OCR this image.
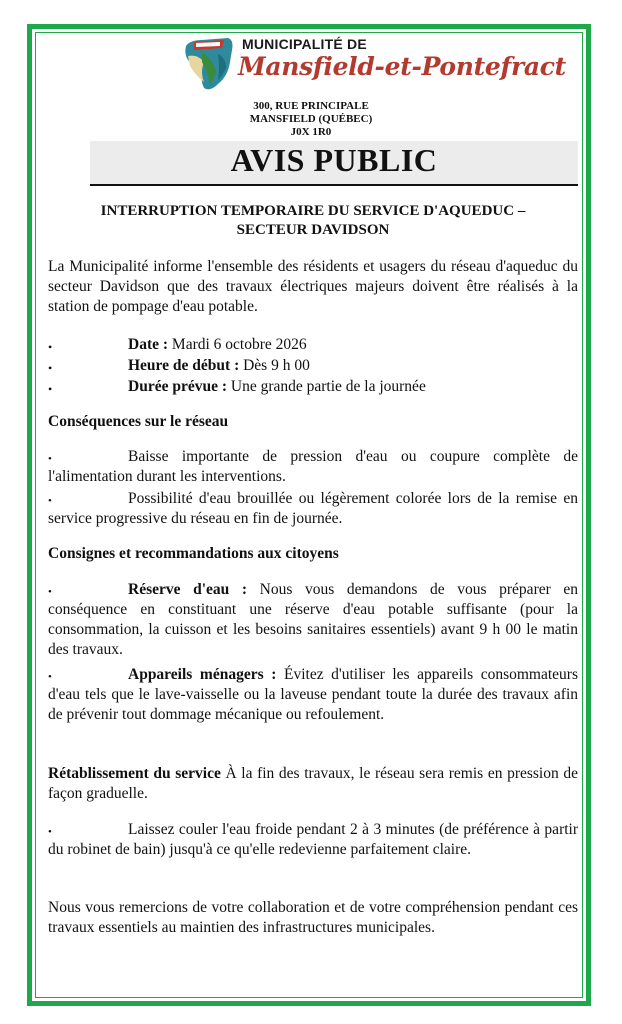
MUNICIPALITÉ DE
Mansfield-et-Pontefract
300, RUE PRINCIPALE
MANSFIELD (QUÉBEC)
J0X 1R0
AVIS PUBLIC
INTERRUPTION TEMPORAIRE DU SERVICE D'AQUEDUC –
SECTEUR DAVIDSON
La Municipalité informe l'ensemble des résidents et usagers du réseau d'aqueduc du secteur Davidson que des travaux électriques majeurs doivent être réalisés à la station de pompage d'eau potable.
•	Date : Mardi 6 octobre 2026
•	Heure de début : Dès 9 h 00
•	Durée prévue : Une grande partie de la journée
Conséquences sur le réseau
•	Baisse importante de pression d'eau ou coupure complète de l'alimentation durant les interventions.
•	Possibilité d'eau brouillée ou légèrement colorée lors de la remise en service progressive du réseau en fin de journée.
Consignes et recommandations aux citoyens
•	Réserve d'eau : Nous vous demandons de vous préparer en conséquence en constituant une réserve d'eau potable suffisante (pour la consommation, la cuisson et les besoins sanitaires essentiels) avant 9 h 00 le matin des travaux.
•	Appareils ménagers : Évitez d'utiliser les appareils consommateurs d'eau tels que le lave-vaisselle ou la laveuse pendant toute la durée des travaux afin de prévenir tout dommage mécanique ou refoulement.
Rétablissement du service À la fin des travaux, le réseau sera remis en pression de façon graduelle.
•	Laissez couler l'eau froide pendant 2 à 3 minutes (de préférence à partir du robinet de bain) jusqu'à ce qu'elle redevienne parfaitement claire.
Nous vous remercions de votre collaboration et de votre compréhension pendant ces travaux essentiels au maintien des infrastructures municipales.
